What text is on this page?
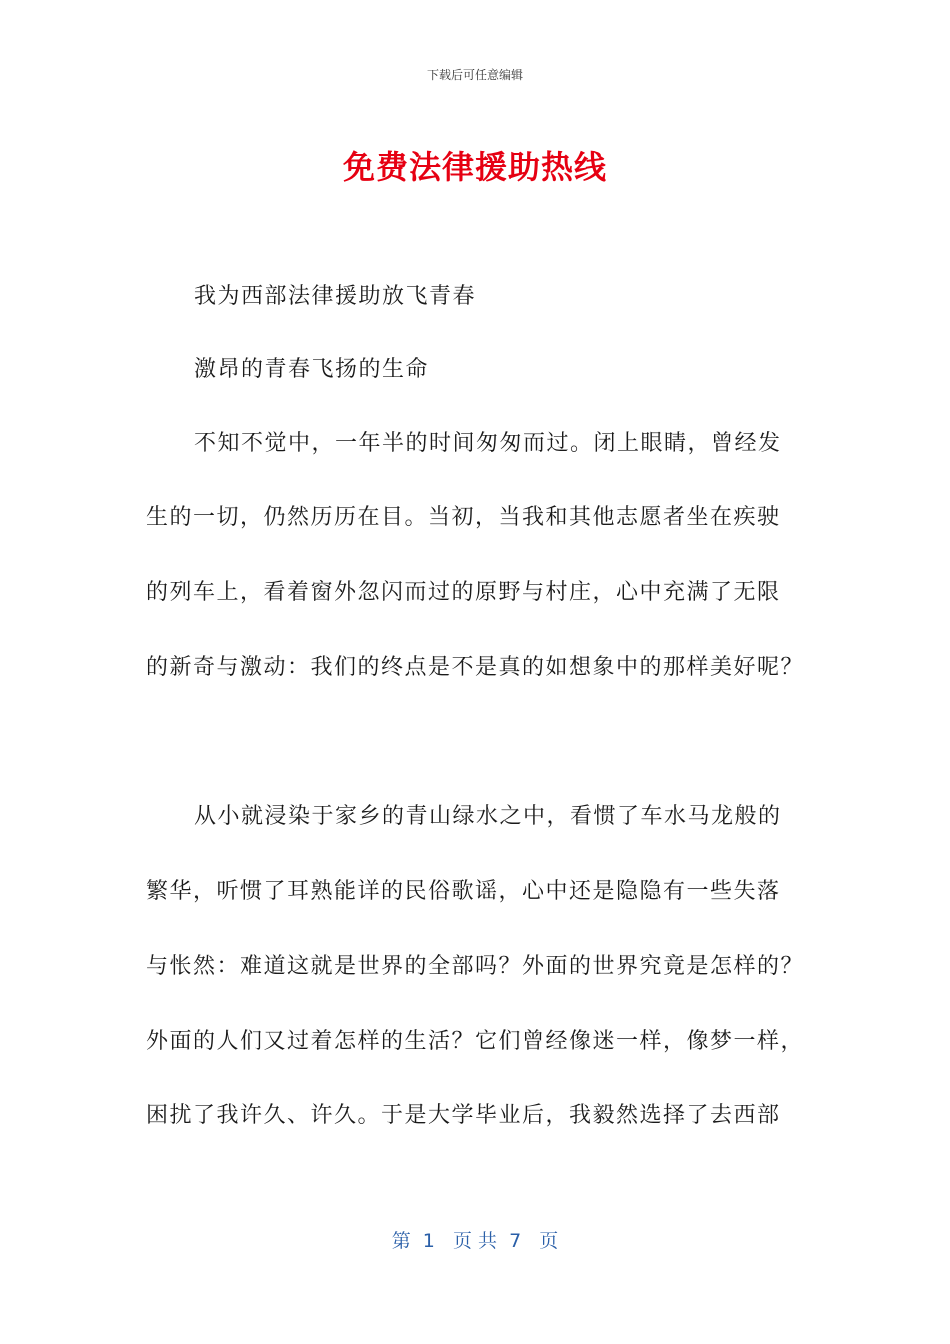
下载后可任意编辑
免费法律援助热线
我为西部法律援助放飞青春
激昂的青春飞扬的生命
不知不觉中，一年半的时间匆匆而过。闭上眼睛，曾经发
生的一切，仍然历历在目。当初，当我和其他志愿者坐在疾驶
的列车上，看着窗外忽闪而过的原野与村庄，心中充满了无限
的新奇与激动：我们的终点是不是真的如想象中的那样美好呢？
从小就浸染于家乡的青山绿水之中，看惯了车水马龙般的
繁华，听惯了耳熟能详的民俗歌谣，心中还是隐隐有一些失落
与怅然：难道这就是世界的全部吗？外面的世界究竟是怎样的？
外面的人们又过着怎样的生活？它们曾经像迷一样，像梦一样，
困扰了我许久、许久。于是大学毕业后，我毅然选择了去西部
第  1   页 共  7   页
